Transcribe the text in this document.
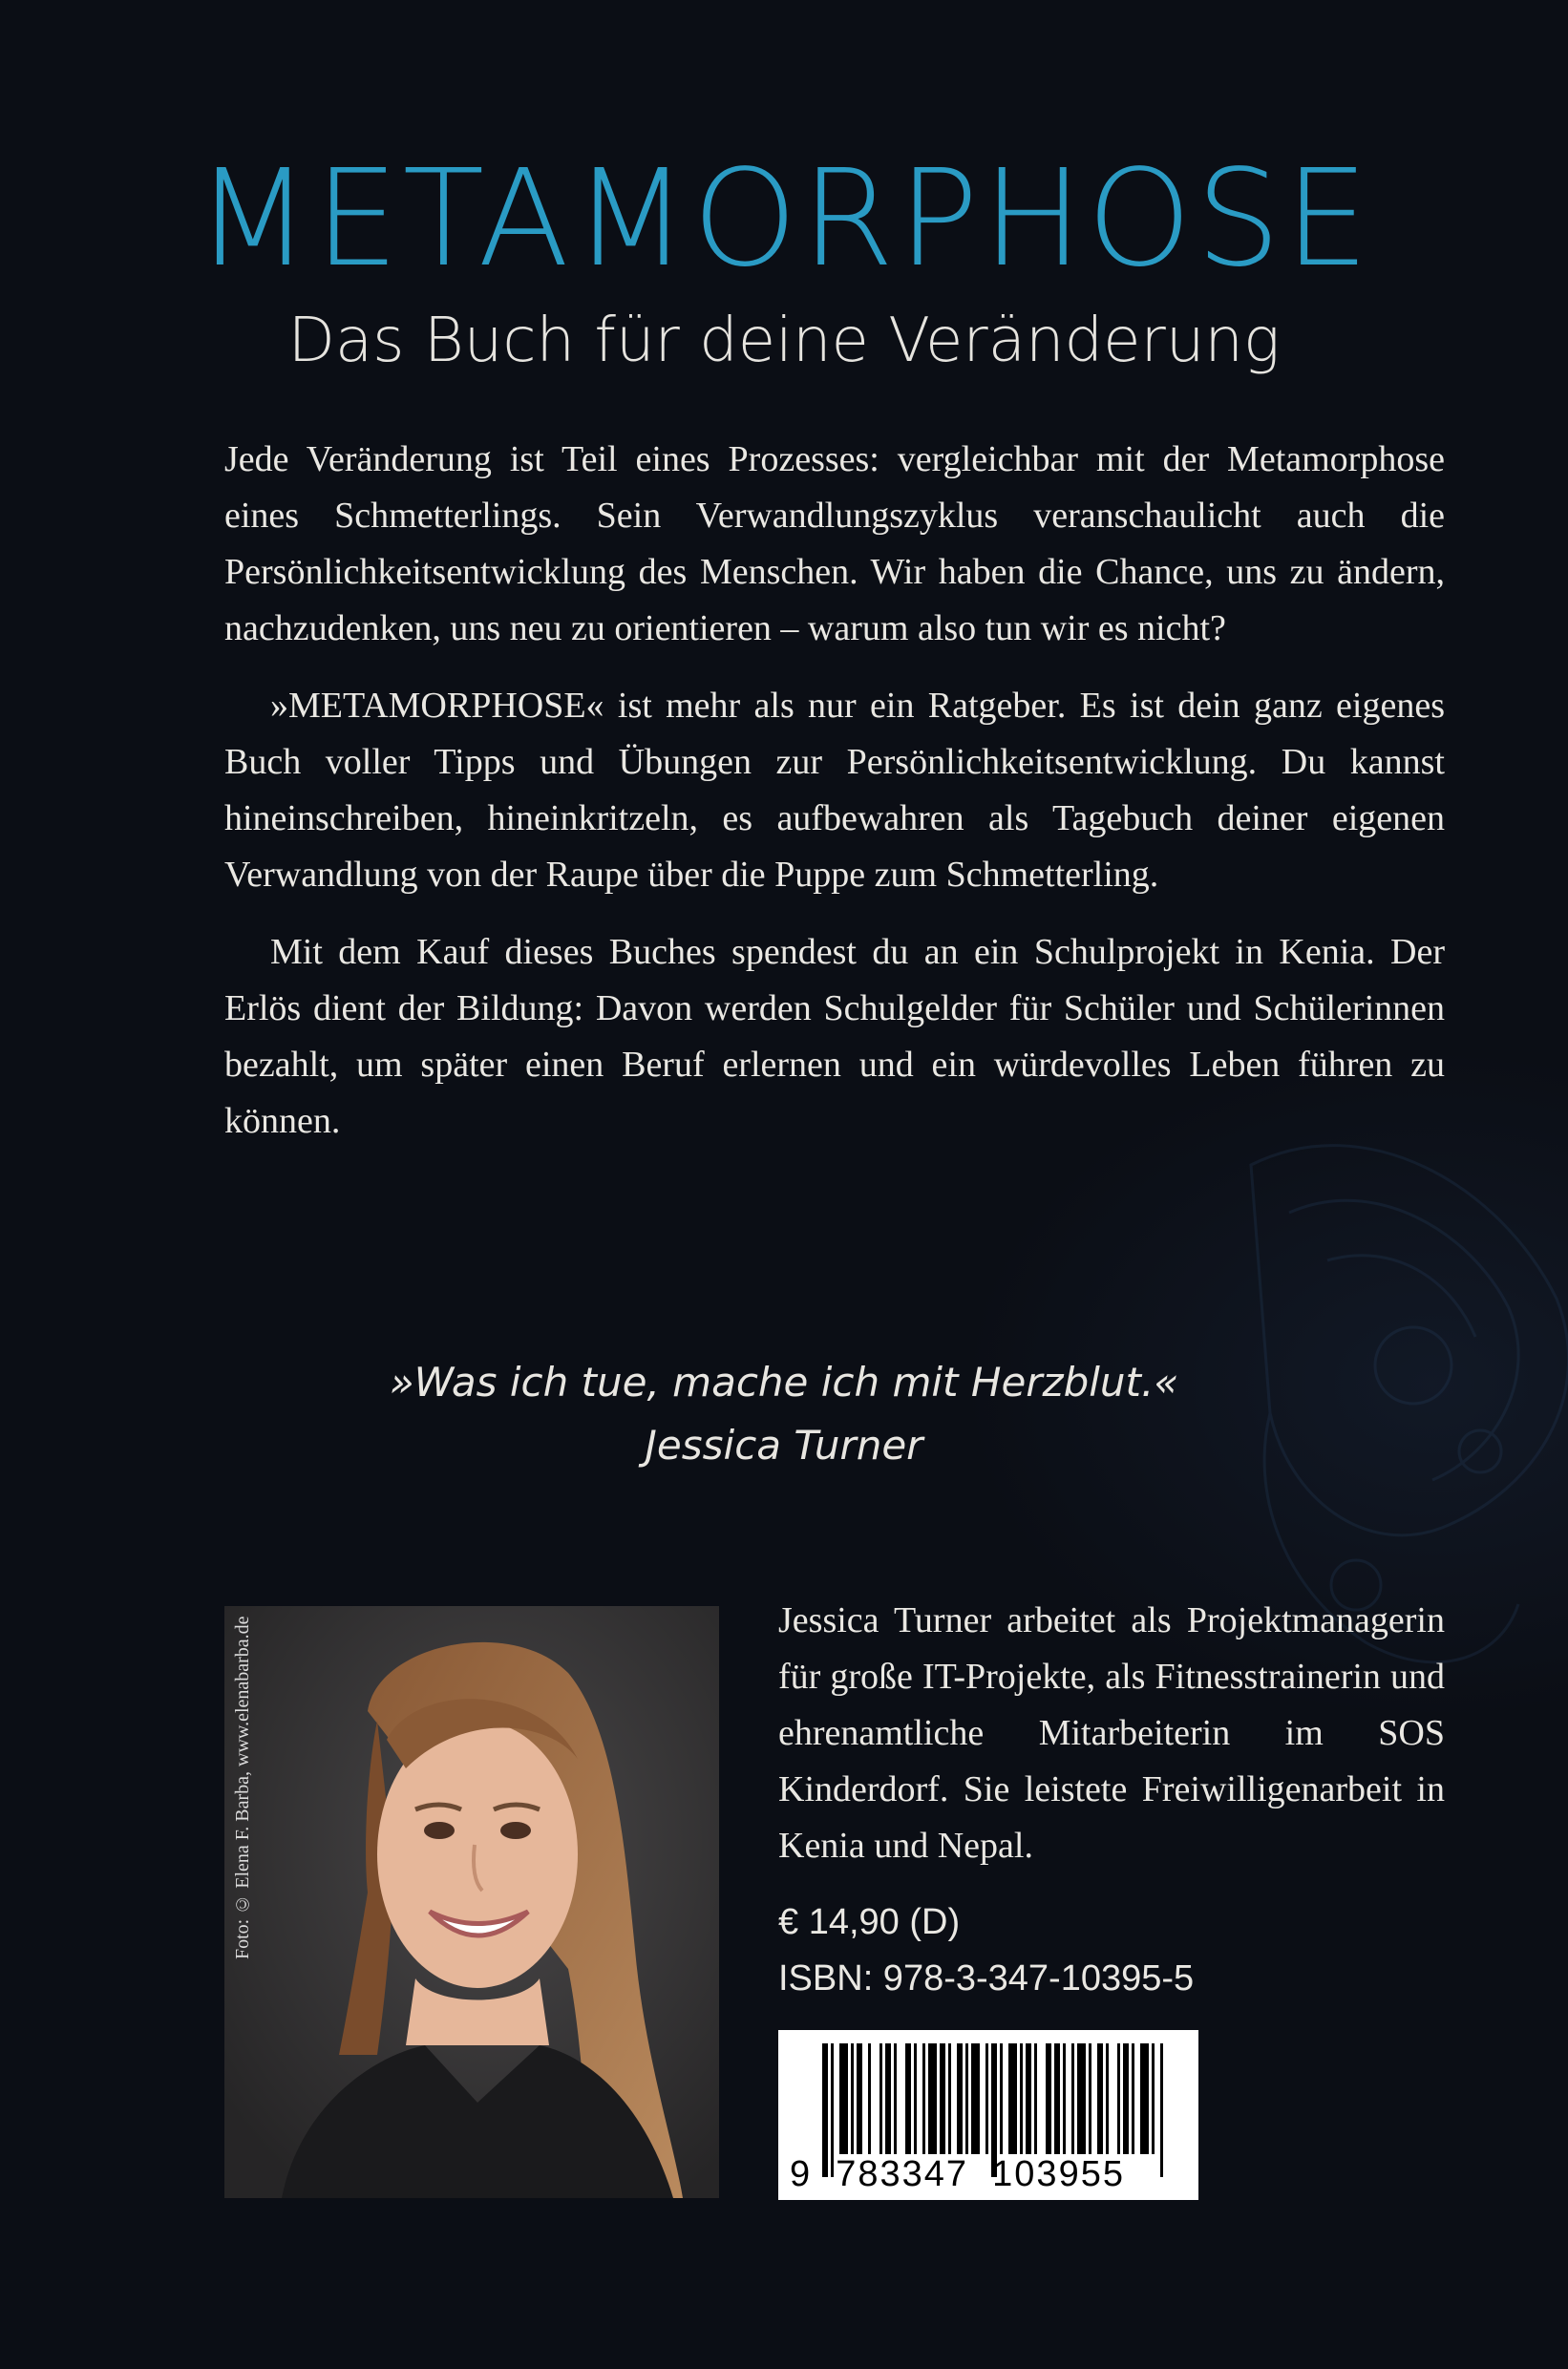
METAMORPHOSE
Das Buch für deine Veränderung

Jede Veränderung ist Teil eines Prozesses: vergleichbar mit der Metamorphose eines Schmetterlings. Sein Verwandlungszyklus veranschaulicht auch die Persönlichkeitsentwicklung des Menschen. Wir haben die Chance, uns zu ändern, nachzudenken, uns neu zu orientieren – warum also tun wir es nicht?

»METAMORPHOSE« ist mehr als nur ein Ratgeber. Es ist dein ganz eigenes Buch voller Tipps und Übungen zur Persönlichkeitsentwicklung. Du kannst hineinschreiben, hineinkritzeln, es aufbewahren als Tagebuch deiner eigenen Verwandlung von der Raupe über die Puppe zum Schmetterling.

Mit dem Kauf dieses Buches spendest du an ein Schulprojekt in Kenia. Der Erlös dient der Bildung: Davon werden Schulgelder für Schüler und Schülerinnen bezahlt, um später einen Beruf erlernen und ein würdevolles Leben führen zu können.

»Was ich tue, mache ich mit Herzblut.«
Jessica Turner
Foto: © Elena F. Barba, www.elenabarba.de	Jessica Turner arbeitet als Projektmanagerin für große IT-Projekte, als Fitnesstrainerin und ehrenamtliche Mitarbeiterin im SOS Kinderdorf. Sie leistete Freiwilligenarbeit in Kenia und Nepal.

€ 14,90 (D)
ISBN: 978-3-347-10395-5
9  783347  103955
